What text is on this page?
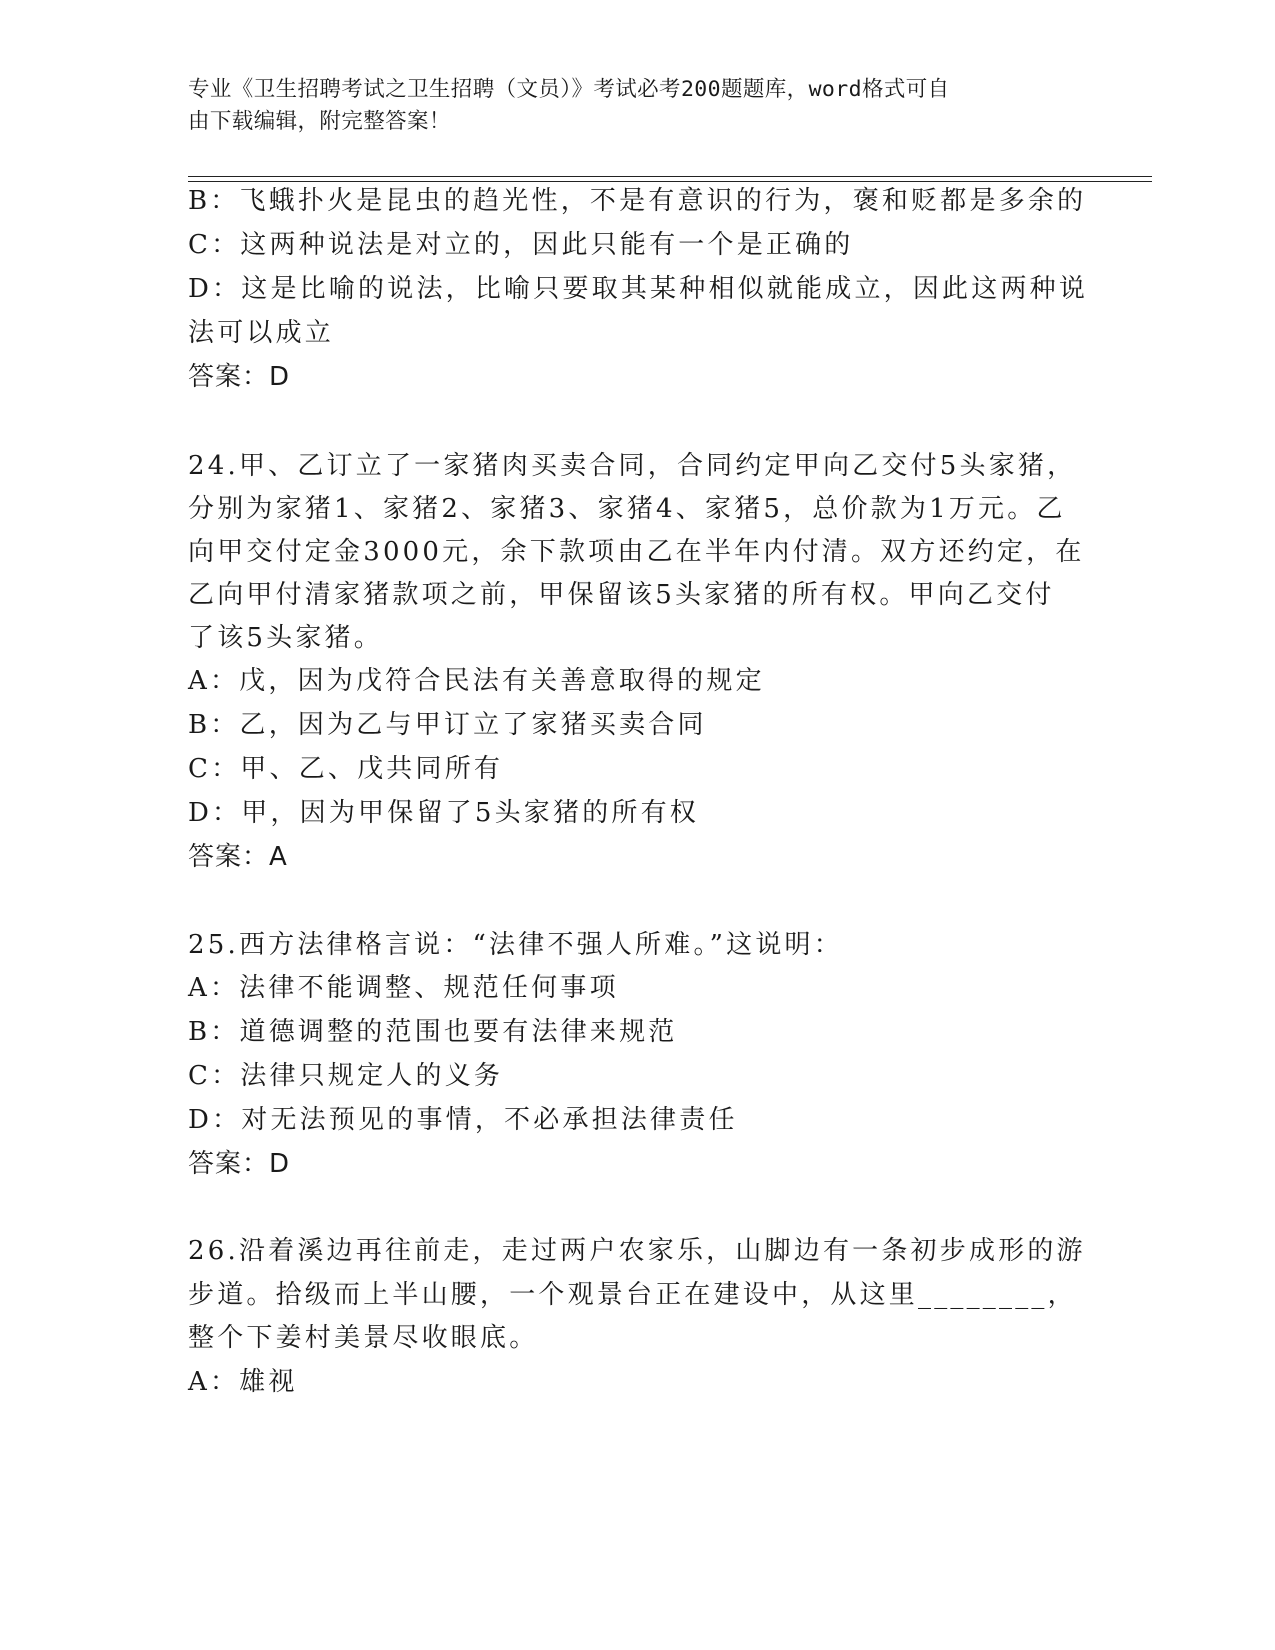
专业《卫生招聘考试之卫生招聘（文员）》考试必考200题题库，word格式可自
由下载编辑，附完整答案！
B：飞蛾扑火是昆虫的趋光性，不是有意识的行为，褒和贬都是多余的
C：这两种说法是对立的，因此只能有一个是正确的
D：这是比喻的说法，比喻只要取其某种相似就能成立，因此这两种说
法可以成立
答案：D
24.甲、乙订立了一家猪肉买卖合同，合同约定甲向乙交付5头家猪，
分别为家猪1、家猪2、家猪3、家猪4、家猪5，总价款为1万元。乙
向甲交付定金3000元，余下款项由乙在半年内付清。双方还约定，在
乙向甲付清家猪款项之前，甲保留该5头家猪的所有权。甲向乙交付
了该5头家猪。
A：戊，因为戊符合民法有关善意取得的规定
B：乙，因为乙与甲订立了家猪买卖合同
C：甲、乙、戊共同所有
D：甲，因为甲保留了5头家猪的所有权
答案：A
25.西方法律格言说：“法律不强人所难。”这说明：
A：法律不能调整、规范任何事项
B：道德调整的范围也要有法律来规范
C：法律只规定人的义务
D：对无法预见的事情，不必承担法律责任
答案：D
26.沿着溪边再往前走，走过两户农家乐，山脚边有一条初步成形的游
步道。拾级而上半山腰，一个观景台正在建设中，从这里________，
整个下姜村美景尽收眼底。
A：雄视
